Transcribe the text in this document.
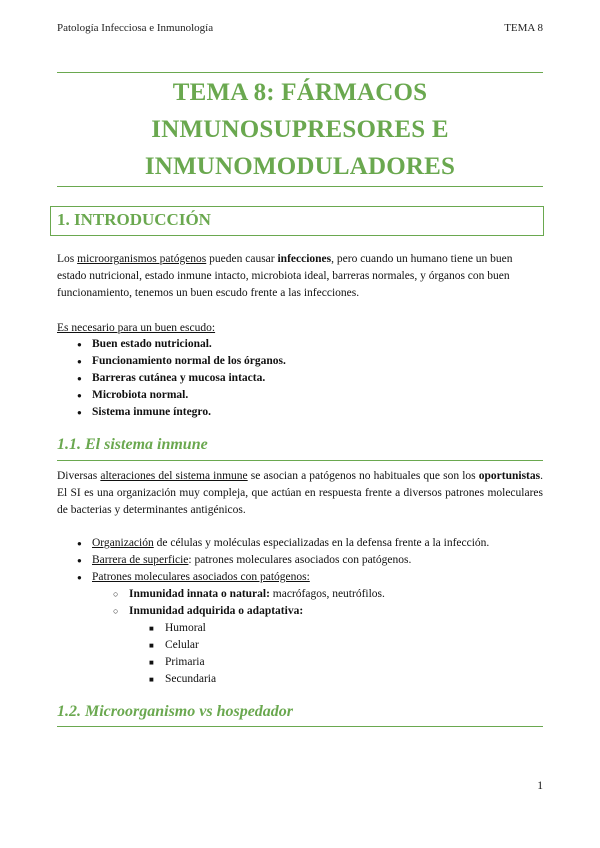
Patología Infecciosa e Inmunología	TEMA 8
TEMA 8: FÁRMACOS
INMUNOSUPRESORES E
INMUNOMODULADORES
1. INTRODUCCIÓN
Los microorganismos patógenos pueden causar infecciones, pero cuando un humano tiene un buen estado nutricional, estado inmune intacto, microbiota ideal, barreras normales, y órganos con buen funcionamiento, tenemos un buen escudo frente a las infecciones.
Es necesario para un buen escudo:
● Buen estado nutricional.
● Funcionamiento normal de los órganos.
● Barreras cutánea y mucosa intacta.
● Microbiota normal.
● Sistema inmune íntegro.
1.1. El sistema inmune
Diversas alteraciones del sistema inmune se asocian a patógenos no habituales que son los oportunistas. El SI es una organización muy compleja, que actúan en respuesta frente a diversos patrones moleculares de bacterias y determinantes antigénicos.
● Organización de células y moléculas especializadas en la defensa frente a la infección.
● Barrera de superficie: patrones moleculares asociados con patógenos.
● Patrones moleculares asociados con patógenos:
○ Inmunidad innata o natural: macrófagos, neutrófilos.
○ Inmunidad adquirida o adaptativa:
■ Humoral
■ Celular
■ Primaria
■ Secundaria
1.2. Microorganismo vs hospedador
1
